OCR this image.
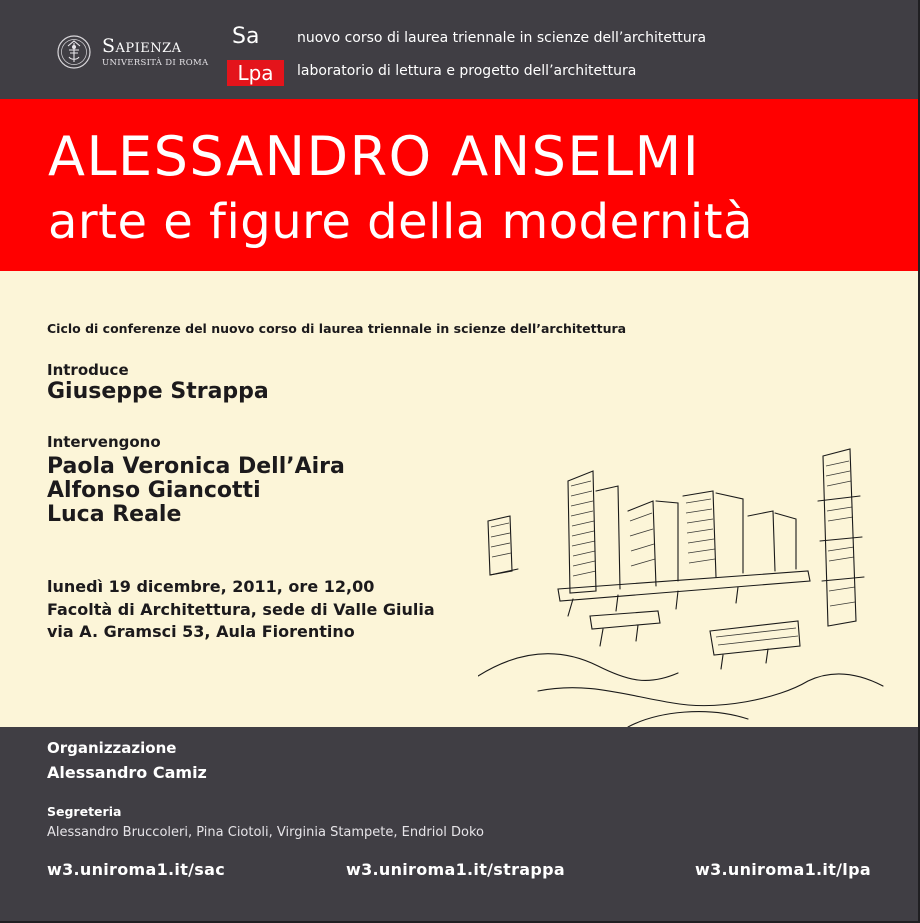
Sapienza
UNIVERSITÀ DI ROMA
Sa
Lpa
nuovo corso di laurea triennale in scienze dell’architettura
laboratorio di lettura e progetto dell’architettura
ALESSANDRO ANSELMI
arte e figure della modernità
Ciclo di conferenze del nuovo corso di laurea triennale in scienze dell’architettura
Introduce
Giuseppe Strappa
Intervengono
Paola Veronica Dell’Aira
Alfonso Giancotti
Luca Reale
lunedì 19 dicembre, 2011, ore 12,00
Facoltà di Architettura, sede di Valle Giulia
via A. Gramsci 53, Aula Fiorentino
Organizzazione
Alessandro Camiz
Segreteria
Alessandro Bruccoleri, Pina Ciotoli, Virginia Stampete, Endriol Doko
w3.uniroma1.it/sac	w3.uniroma1.it/strappa	w3.uniroma1.it/lpa
